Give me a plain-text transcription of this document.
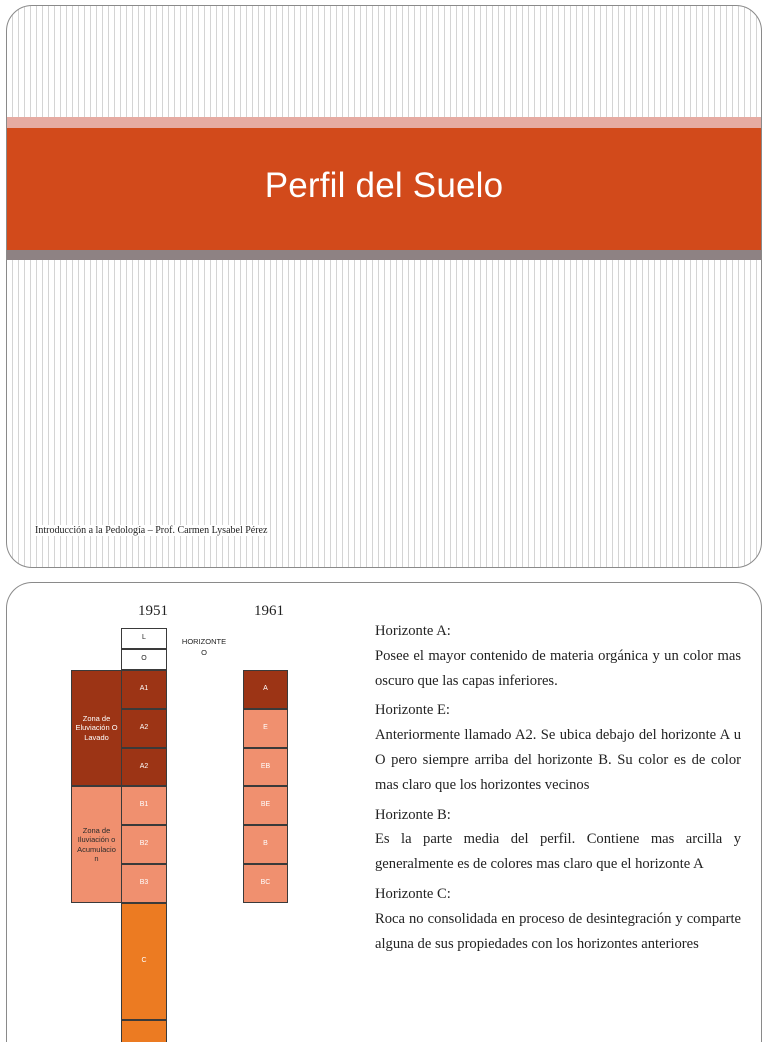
Perfil del Suelo
Introducción a la Pedología – Prof. Carmen Lysabel Pérez
1951	1961
HORIZONTE
O
L
O
Zona de Eluviación O Lavado
Zona de Iluviación o Acumulacio n
A1
A2
A2
B1
B2
B3
C
A
E
EB
BE
B
BC

Horizonte A:

Posee el mayor contenido de materia orgánica y un color mas oscuro que las capas inferiores.

Horizonte E:

Anteriormente llamado A2. Se ubica debajo del horizonte A u O pero siempre arriba del horizonte B. Su color es de color mas claro que los horizontes vecinos

Horizonte B:

Es la parte media del perfil. Contiene mas arcilla y generalmente es de colores mas claro que el horizonte A

Horizonte C:

Roca no consolidada en proceso de desintegración y comparte alguna de sus propiedades con los horizontes anteriores
